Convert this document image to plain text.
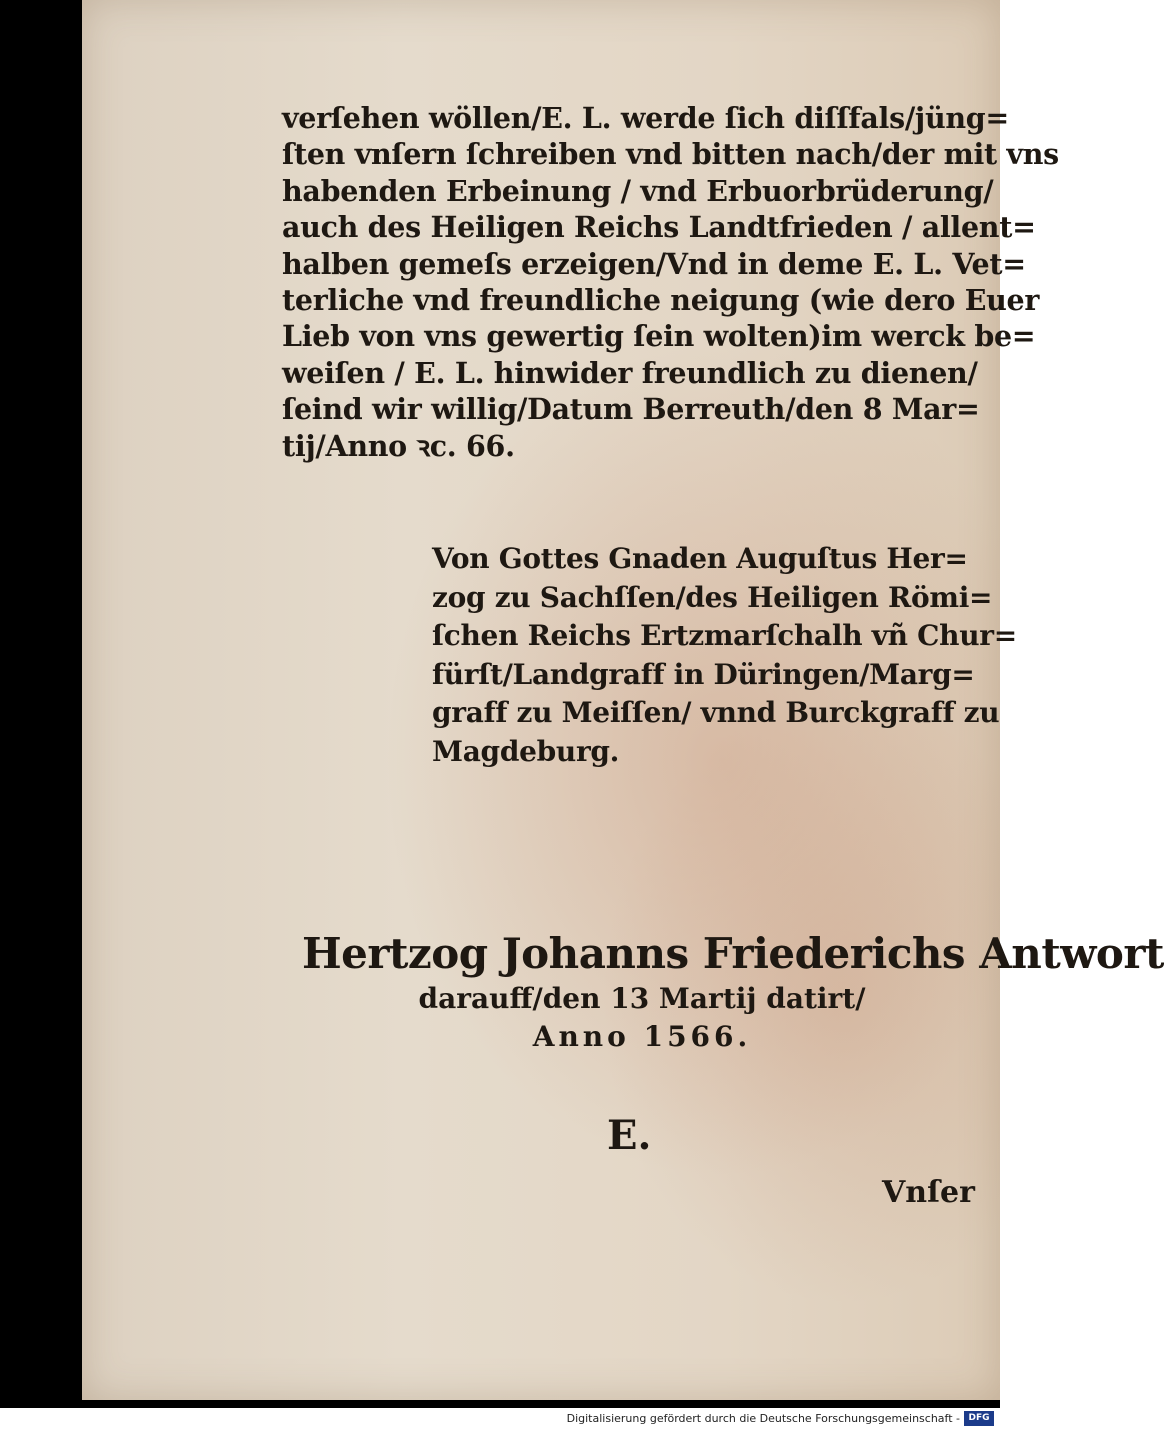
verſehen wöllen/E. L. werde ſich diſſfals/jüng=
ſten vnſern ſchreiben vnd bitten nach/der mit vns
habenden Erbeinung / vnd Erbuorbrüderung/
auch des Heiligen Reichs Landtfrieden / allent=
halben gemeſs erzeigen/Vnd in deme E. L. Vet=
terliche vnd freundliche neigung (wie dero Euer
Lieb von vns gewertig ſein wolten)im werck be=
weiſen / E. L. hinwider freundlich zu dienen/
ſeind wir willig/Datum Berreuth/den 8 Mar=
tij/Anno ꝛc. 66.
Von Gottes Gnaden Auguſtus Her=
zog zu Sachſſen/des Heiligen Römi=
ſchen Reichs Ertzmarſchalh vñ Chur=
fürſt/Landgraff in Düringen/Marg=
graff zu Meiſſen/ vnnd Burckgraff zu
Magdeburg.
Hertzog Johanns Friederichs Antwort
darauff/den 13 Martij datirt/
Anno 1566.
E.
Vnſer
Digitalisierung gefördert durch die Deutsche Forschungsgemeinschaft - DFG
